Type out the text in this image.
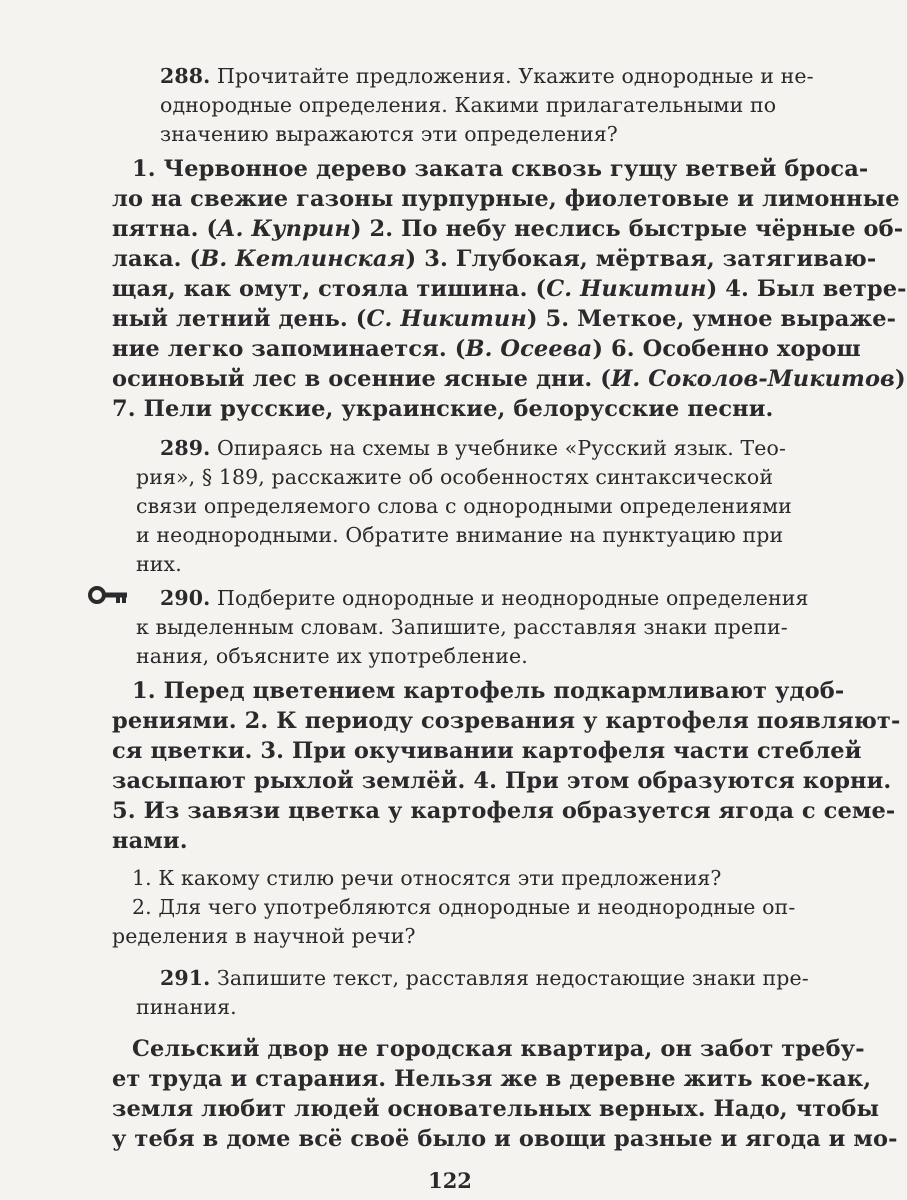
288. Прочитайте предложения. Укажите однородные и не-

однородные определения. Какими прилагательными по

значению выражаются эти определения?

1. Червонное дерево заката сквозь гущу ветвей броса-

ло на свежие газоны пурпурные, фиолетовые и лимонные

пятна. (А. Куприн) 2. По небу неслись быстрые чёрные об-

лака. (В. Кетлинская) 3. Глубокая, мёртвая, затягиваю-

щая, как омут, стояла тишина. (С. Никитин) 4. Был ветре-

ный летний день. (С. Никитин) 5. Меткое, умное выраже-

ние легко запоминается. (В. Осеева) 6. Особенно хорош

осиновый лес в осенние ясные дни. (И. Соколов-Микитов)

7. Пели русские, украинские, белорусские песни.

289. Опираясь на схемы в учебнике «Русский язык. Тео-

рия», § 189, расскажите об особенностях синтаксической

связи определяемого слова с однородными определениями

и неоднородными. Обратите внимание на пунктуацию при

них.

290. Подберите однородные и неоднородные определения

к выделенным словам. Запишите, расставляя знаки препи-

нания, объясните их употребление.

1. Перед цветением картофель подкармливают удоб-

рениями. 2. К периоду созревания у картофеля появляют-

ся цветки. 3. При окучивании картофеля части стеблей

засыпают рыхлой землёй. 4. При этом образуются корни.

5. Из завязи цветка у картофеля образуется ягода с семе-

нами.

1. К какому стилю речи относятся эти предложения?

2. Для чего употребляются однородные и неоднородные оп-

ределения в научной речи?

291. Запишите текст, расставляя недостающие знаки пре-

пинания.

Сельский двор не городская квартира, он забот требу-

ет труда и старания. Нельзя же в деревне жить кое-как,

земля любит людей основательных верных. Надо, чтобы

у тебя в доме всё своё было и овощи разные и ягода и мо-

122
